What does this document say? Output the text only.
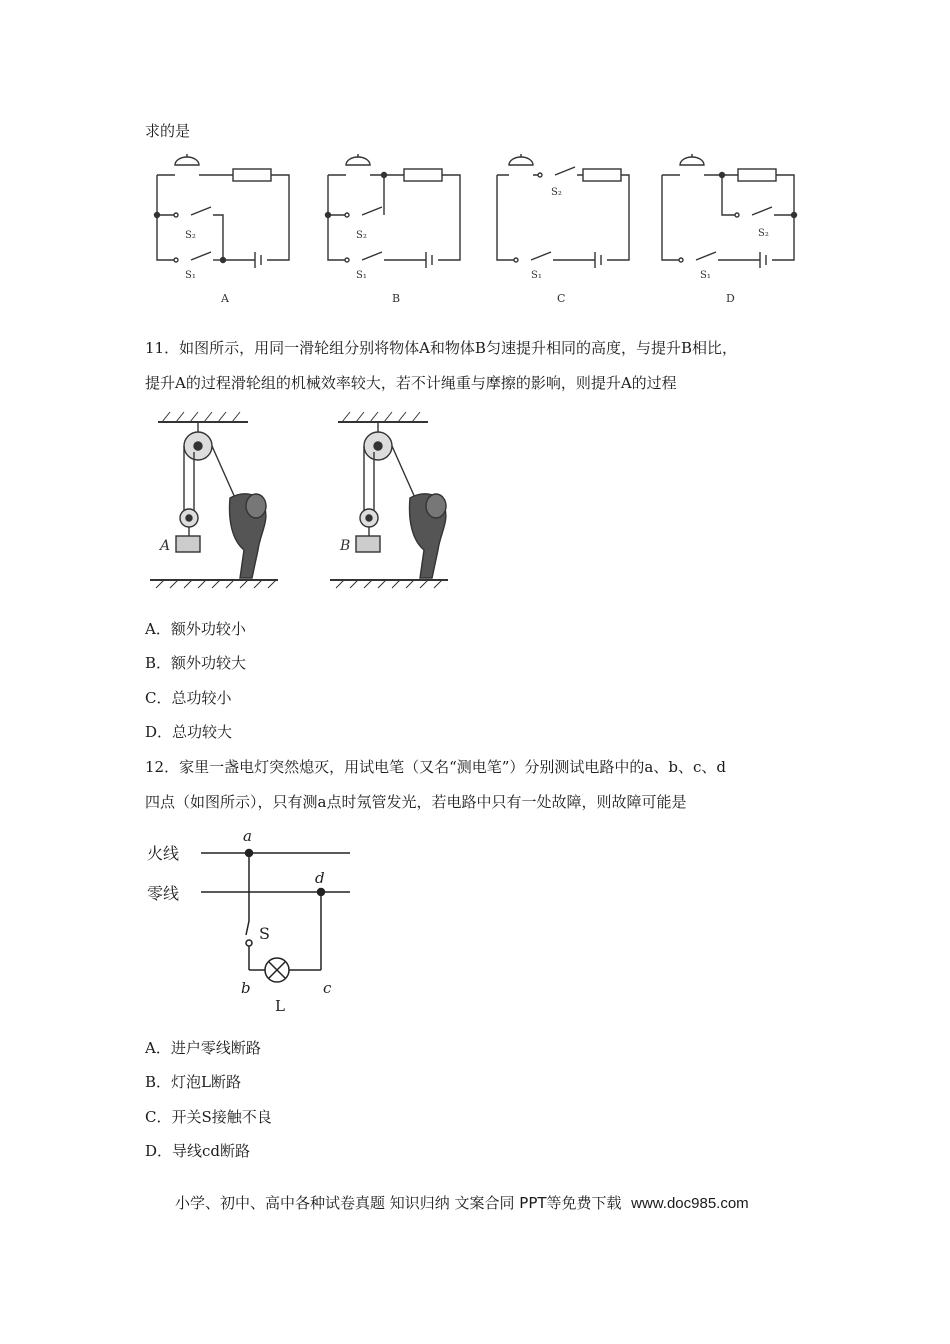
求的是
S₂
S₁
A
S₂
S₁
B
S₂
S₁
C
S₂
S₁
D
11．如图所示，用同一滑轮组分别将物体A和物体B匀速提升相同的高度，与提升B相比，
提升A的过程滑轮组的机械效率较大，若不计绳重与摩擦的影响，则提升A的过程
A	B
A．额外功较小
B．额外功较大
C．总功较小
D．总功较大
12．家里一盏电灯突然熄灭，用试电笔（又名“测电笔”）分别测试电路中的a、b、c、d
四点（如图所示），只有测a点时氖管发光，若电路中只有一处故障，则故障可能是
火线
零线
a
S
d
b	c
L
A．进户零线断路
B．灯泡L断路
C．开关S接触不良
D．导线cd断路
小学、初中、高中各种试卷真题 知识归纳 文案合同 PPT等免费下载 www.doc985.com
